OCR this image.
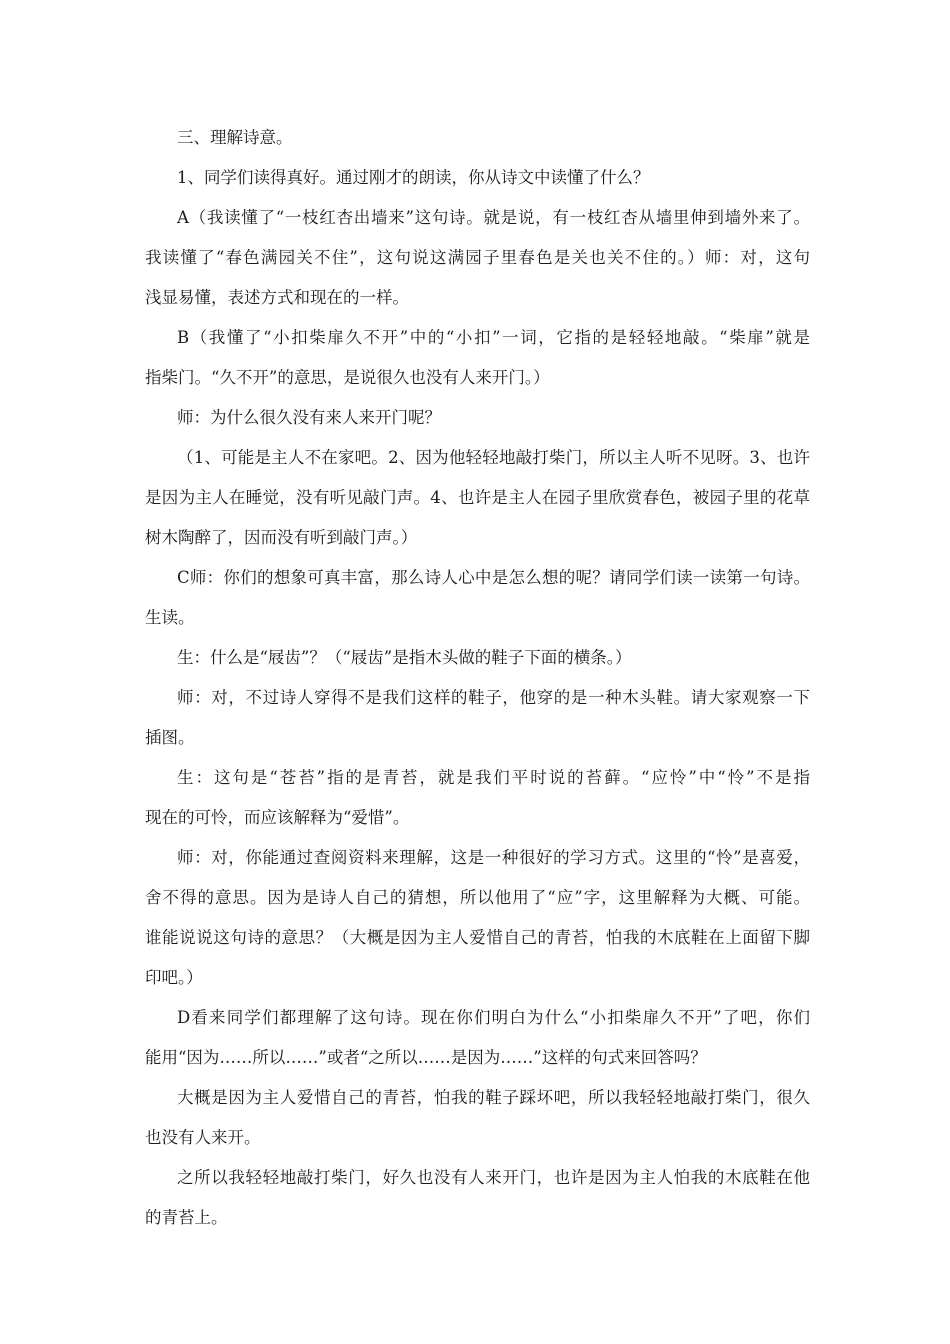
三、理解诗意。
1、同学们读得真好。通过刚才的朗读，你从诗文中读懂了什么？
A（我读懂了“一枝红杏出墙来”这句诗。就是说，有一枝红杏从墙里伸到墙外来了。
我读懂了“春色满园关不住”，这句说这满园子里春色是关也关不住的。）师：对，这句
浅显易懂，表述方式和现在的一样。
B（我懂了“小扣柴扉久不开”中的“小扣”一词，它指的是轻轻地敲。“柴扉”就是
指柴门。“久不开”的意思，是说很久也没有人来开门。）
师：为什么很久没有来人来开门呢？
（1、可能是主人不在家吧。2、因为他轻轻地敲打柴门，所以主人听不见呀。3、也许
是因为主人在睡觉，没有听见敲门声。4、也许是主人在园子里欣赏春色，被园子里的花草
树木陶醉了，因而没有听到敲门声。）
C师：你们的想象可真丰富，那么诗人心中是怎么想的呢？请同学们读一读第一句诗。
生读。
生：什么是“屐齿”？（“屐齿”是指木头做的鞋子下面的横条。）
师：对，不过诗人穿得不是我们这样的鞋子，他穿的是一种木头鞋。请大家观察一下
插图。
生：这句是“苍苔”指的是青苔，就是我们平时说的苔藓。“应怜”中“怜”不是指
现在的可怜，而应该解释为“爱惜”。
师：对，你能通过查阅资料来理解，这是一种很好的学习方式。这里的“怜”是喜爱，
舍不得的意思。因为是诗人自己的猜想，所以他用了“应”字，这里解释为大概、可能。
谁能说说这句诗的意思？（大概是因为主人爱惜自己的青苔，怕我的木底鞋在上面留下脚
印吧。）
D看来同学们都理解了这句诗。现在你们明白为什么“小扣柴扉久不开”了吧，你们
能用“因为……所以……”或者“之所以……是因为……”这样的句式来回答吗？
大概是因为主人爱惜自己的青苔，怕我的鞋子踩坏吧，所以我轻轻地敲打柴门，很久
也没有人来开。
之所以我轻轻地敲打柴门，好久也没有人来开门，也许是因为主人怕我的木底鞋在他
的青苔上。
